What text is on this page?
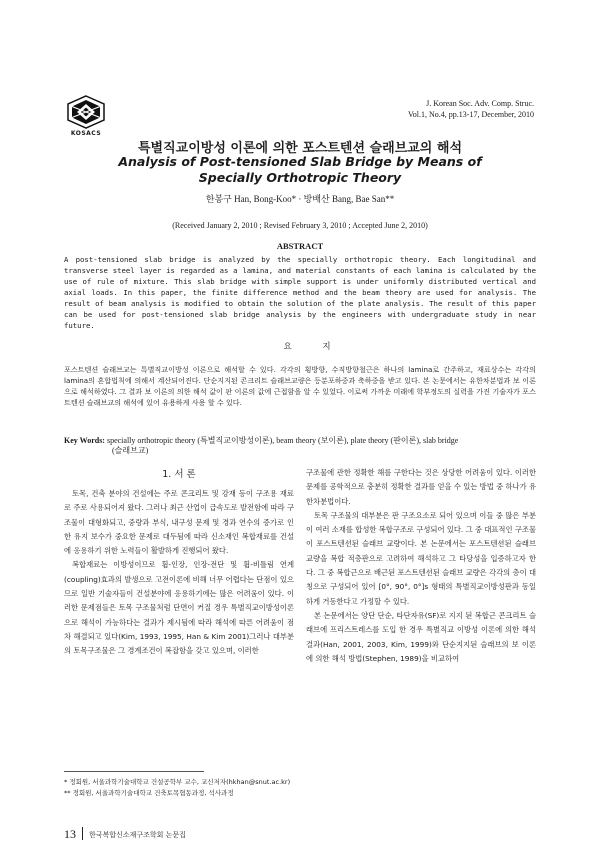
KOSACS
J. Korean Soc. Adv. Comp. Struc.
Vol.1, No.4, pp.13-17, December, 2010
특별직교이방성 이론에 의한 포스트텐션 슬래브교의 해석
Analysis of Post-tensioned Slab Bridge by Means of
Specially Orthotropic Theory
한봉구 Han, Bong-Koo* · 방배산 Bang, Bae San**
(Received January 2, 2010 ; Revised February 3, 2010 ; Accepted June 2, 2010)
ABSTRACT
A post-tensioned slab bridge is analyzed by the specially orthotropic theory. Each longitudinal and transverse steel layer is regarded as a lamina, and material constants of each lamina is calculated by the use of rule of mixture. This slab bridge with simple support is under uniformly distributed vertical and axial loads. In this paper, the finite difference method and the beam theory are used for analysis. The result of beam analysis is modified to obtain the solution of the plate analysis. The result of this paper can be used for post-tensioned slab bridge analysis by the engineers with undergraduate study in near future.
요 지
포스트텐션 슬래브교는 특별직교이방성 이론으로 해석할 수 있다. 각각의 횡방향, 수직방향철근은 하나의 lamina로 간주하고, 재료상수는 각각의 lamina의 혼합법칙에 의해서 계산되어진다. 단순지지된 콘크리트 슬래브교량은 등분포하중과 축하중을 받고 있다. 본 논문에서는 유한차분법과 보 이론으로 해석하였다. 그 결과 보 이론의 의한 해석 값이 판 이론의 값에 근접함을 알 수 있었다. 이로써 가까운 미래에 학부정도의 실력을 가진 기술자가 포스트텐션 슬래브교의 해석에 있어 유용하게 사용 할 수 있다.
Key Words: specially orthotropic theory (특별직교이방성이론), beam theory (보이론), plate theory (판이론), slab bridge
(슬래브교)
1. 서 론

토목, 건축 분야의 건설에는 주로 콘크리트 및 강재 등이 구조용 재료로 주로 사용되어져 왔다. 그러나 최근 산업이 급속도로 발전함에 따라 구조물이 대형화되고, 중량과 부식, 내구성 문제 및 경과 연수의 증가로 인한 유지 보수가 중요한 문제로 대두됨에 따라 신소재인 복합재료를 건설에 응용하기 위한 노력들이 활발하게 진행되어 왔다.

복합재료는 이방성이므로 휨-인장, 인장-전단 및 휨-비틀림 연계(coupling)효과의 발생으로 고전이론에 비해 너무 어렵다는 단점이 있으므로 일반 기술자들이 건설분야에 응용하기에는 많은 어려움이 있다. 이러한 문제점들은 토목 구조물처럼 단면이 커질 경우 특별직교이방성이론으로 해석이 가능하다는 결과가 제시됨에 따라 해석에 따른 어려움이 점차 해결되고 있다(Kim, 1993, 1995, Han & Kim 2001)그러나 대부분의 토목구조물은 그 경계조건이 복잡함을 갖고 있으며, 이러한

구조물에 관한 정확한 해를 구한다는 것은 상당한 어려움이 있다. 이러한 문제를 공학적으로 충분히 정확한 결과를 얻을 수 있는 방법 중 하나가 유한차분법이다.

토목 구조물의 대부분은 판 구조요소로 되어 있으며 이들 중 많은 부분이 여러 소재를 합성한 복합구조로 구성되어 있다. 그 중 대표적인 구조물이 포스트텐션된 슬래브 교량이다. 본 논문에서는 포스트텐션된 슬래브 교량을 복합 적층판으로 고려하여 해석하고 그 타당성을 입증하고자 한다. 그 중 복합근으로 배근된 포스트텐션된 슬래브 교량은 각각의 층이 대칭으로 구성되어 있어 [0°, 90°, 0°]s 형태의 특별직교이방성판과 동일하게 거동한다고 가정할 수 있다.

본 논문에서는 양단 단순, 타단자유(SF)로 지지 된 복합근 콘크리트 슬래브에 프리스트레스를 도입 한 경우 특별직교 이방성 이론에 의한 해석결과(Han, 2001, 2003, Kim, 1999)와 단순지지된 슬래브의 보 이론에 의한 해석 방법(Stephen, 1989)을 비교하여

* 정회원, 서울과학기술대학교 건설공학부 교수, 교신저자(hkhan@snut.ac.kr)
** 정회원, 서울과학기술대학교 건축토목협동과정, 석사과정
13 한국복합신소재구조학회 논문집
